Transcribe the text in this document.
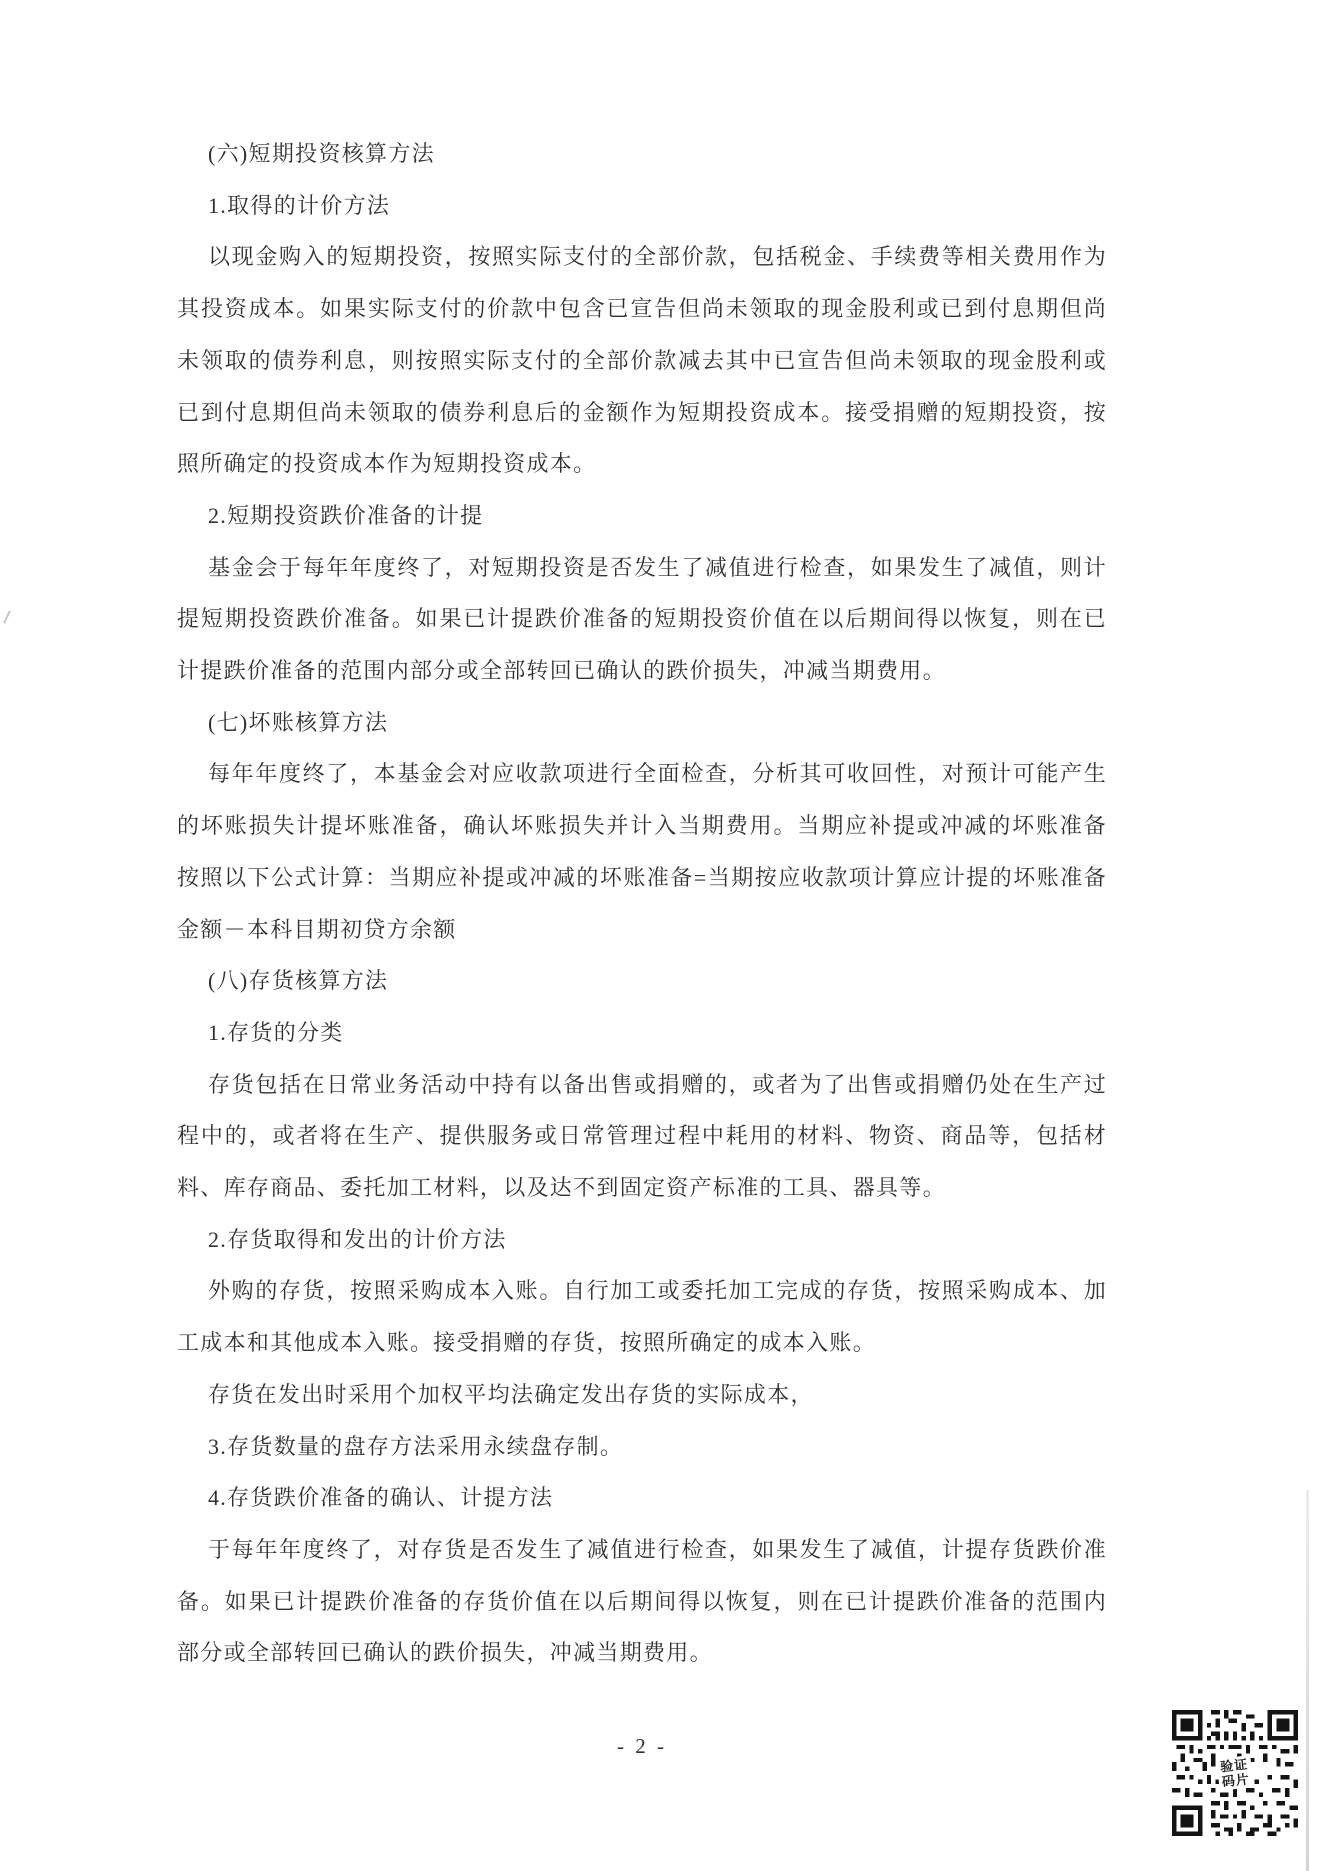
(六)短期投资核算方法

1.取得的计价方法

以现金购入的短期投资，按照实际支付的全部价款，包括税金、手续费等相关费用作为其投资成本。如果实际支付的价款中包含已宣告但尚未领取的现金股利或已到付息期但尚未领取的债券利息，则按照实际支付的全部价款减去其中已宣告但尚未领取的现金股利或已到付息期但尚未领取的债券利息后的金额作为短期投资成本。接受捐赠的短期投资，按照所确定的投资成本作为短期投资成本。

2.短期投资跌价准备的计提

基金会于每年年度终了，对短期投资是否发生了减值进行检查，如果发生了减值，则计提短期投资跌价准备。如果已计提跌价准备的短期投资价值在以后期间得以恢复，则在已计提跌价准备的范围内部分或全部转回已确认的跌价损失，冲减当期费用。

(七)坏账核算方法

每年年度终了，本基金会对应收款项进行全面检查，分析其可收回性，对预计可能产生的坏账损失计提坏账准备，确认坏账损失并计入当期费用。当期应补提或冲减的坏账准备按照以下公式计算：当期应补提或冲减的坏账准备=当期按应收款项计算应计提的坏账准备金额－本科目期初贷方余额

(八)存货核算方法

1.存货的分类

存货包括在日常业务活动中持有以备出售或捐赠的，或者为了出售或捐赠仍处在生产过程中的，或者将在生产、提供服务或日常管理过程中耗用的材料、物资、商品等，包括材料、库存商品、委托加工材料，以及达不到固定资产标准的工具、器具等。

2.存货取得和发出的计价方法

外购的存货，按照采购成本入账。自行加工或委托加工完成的存货，按照采购成本、加工成本和其他成本入账。接受捐赠的存货，按照所确定的成本入账。

存货在发出时采用个加权平均法确定发出存货的实际成本，

3.存货数量的盘存方法采用永续盘存制。

4.存货跌价准备的确认、计提方法

于每年年度终了，对存货是否发生了减值进行检查，如果发生了减值，计提存货跌价准备。如果已计提跌价准备的存货价值在以后期间得以恢复，则在已计提跌价准备的范围内部分或全部转回已确认的跌价损失，冲减当期费用。

- 2 -
验证
码片
